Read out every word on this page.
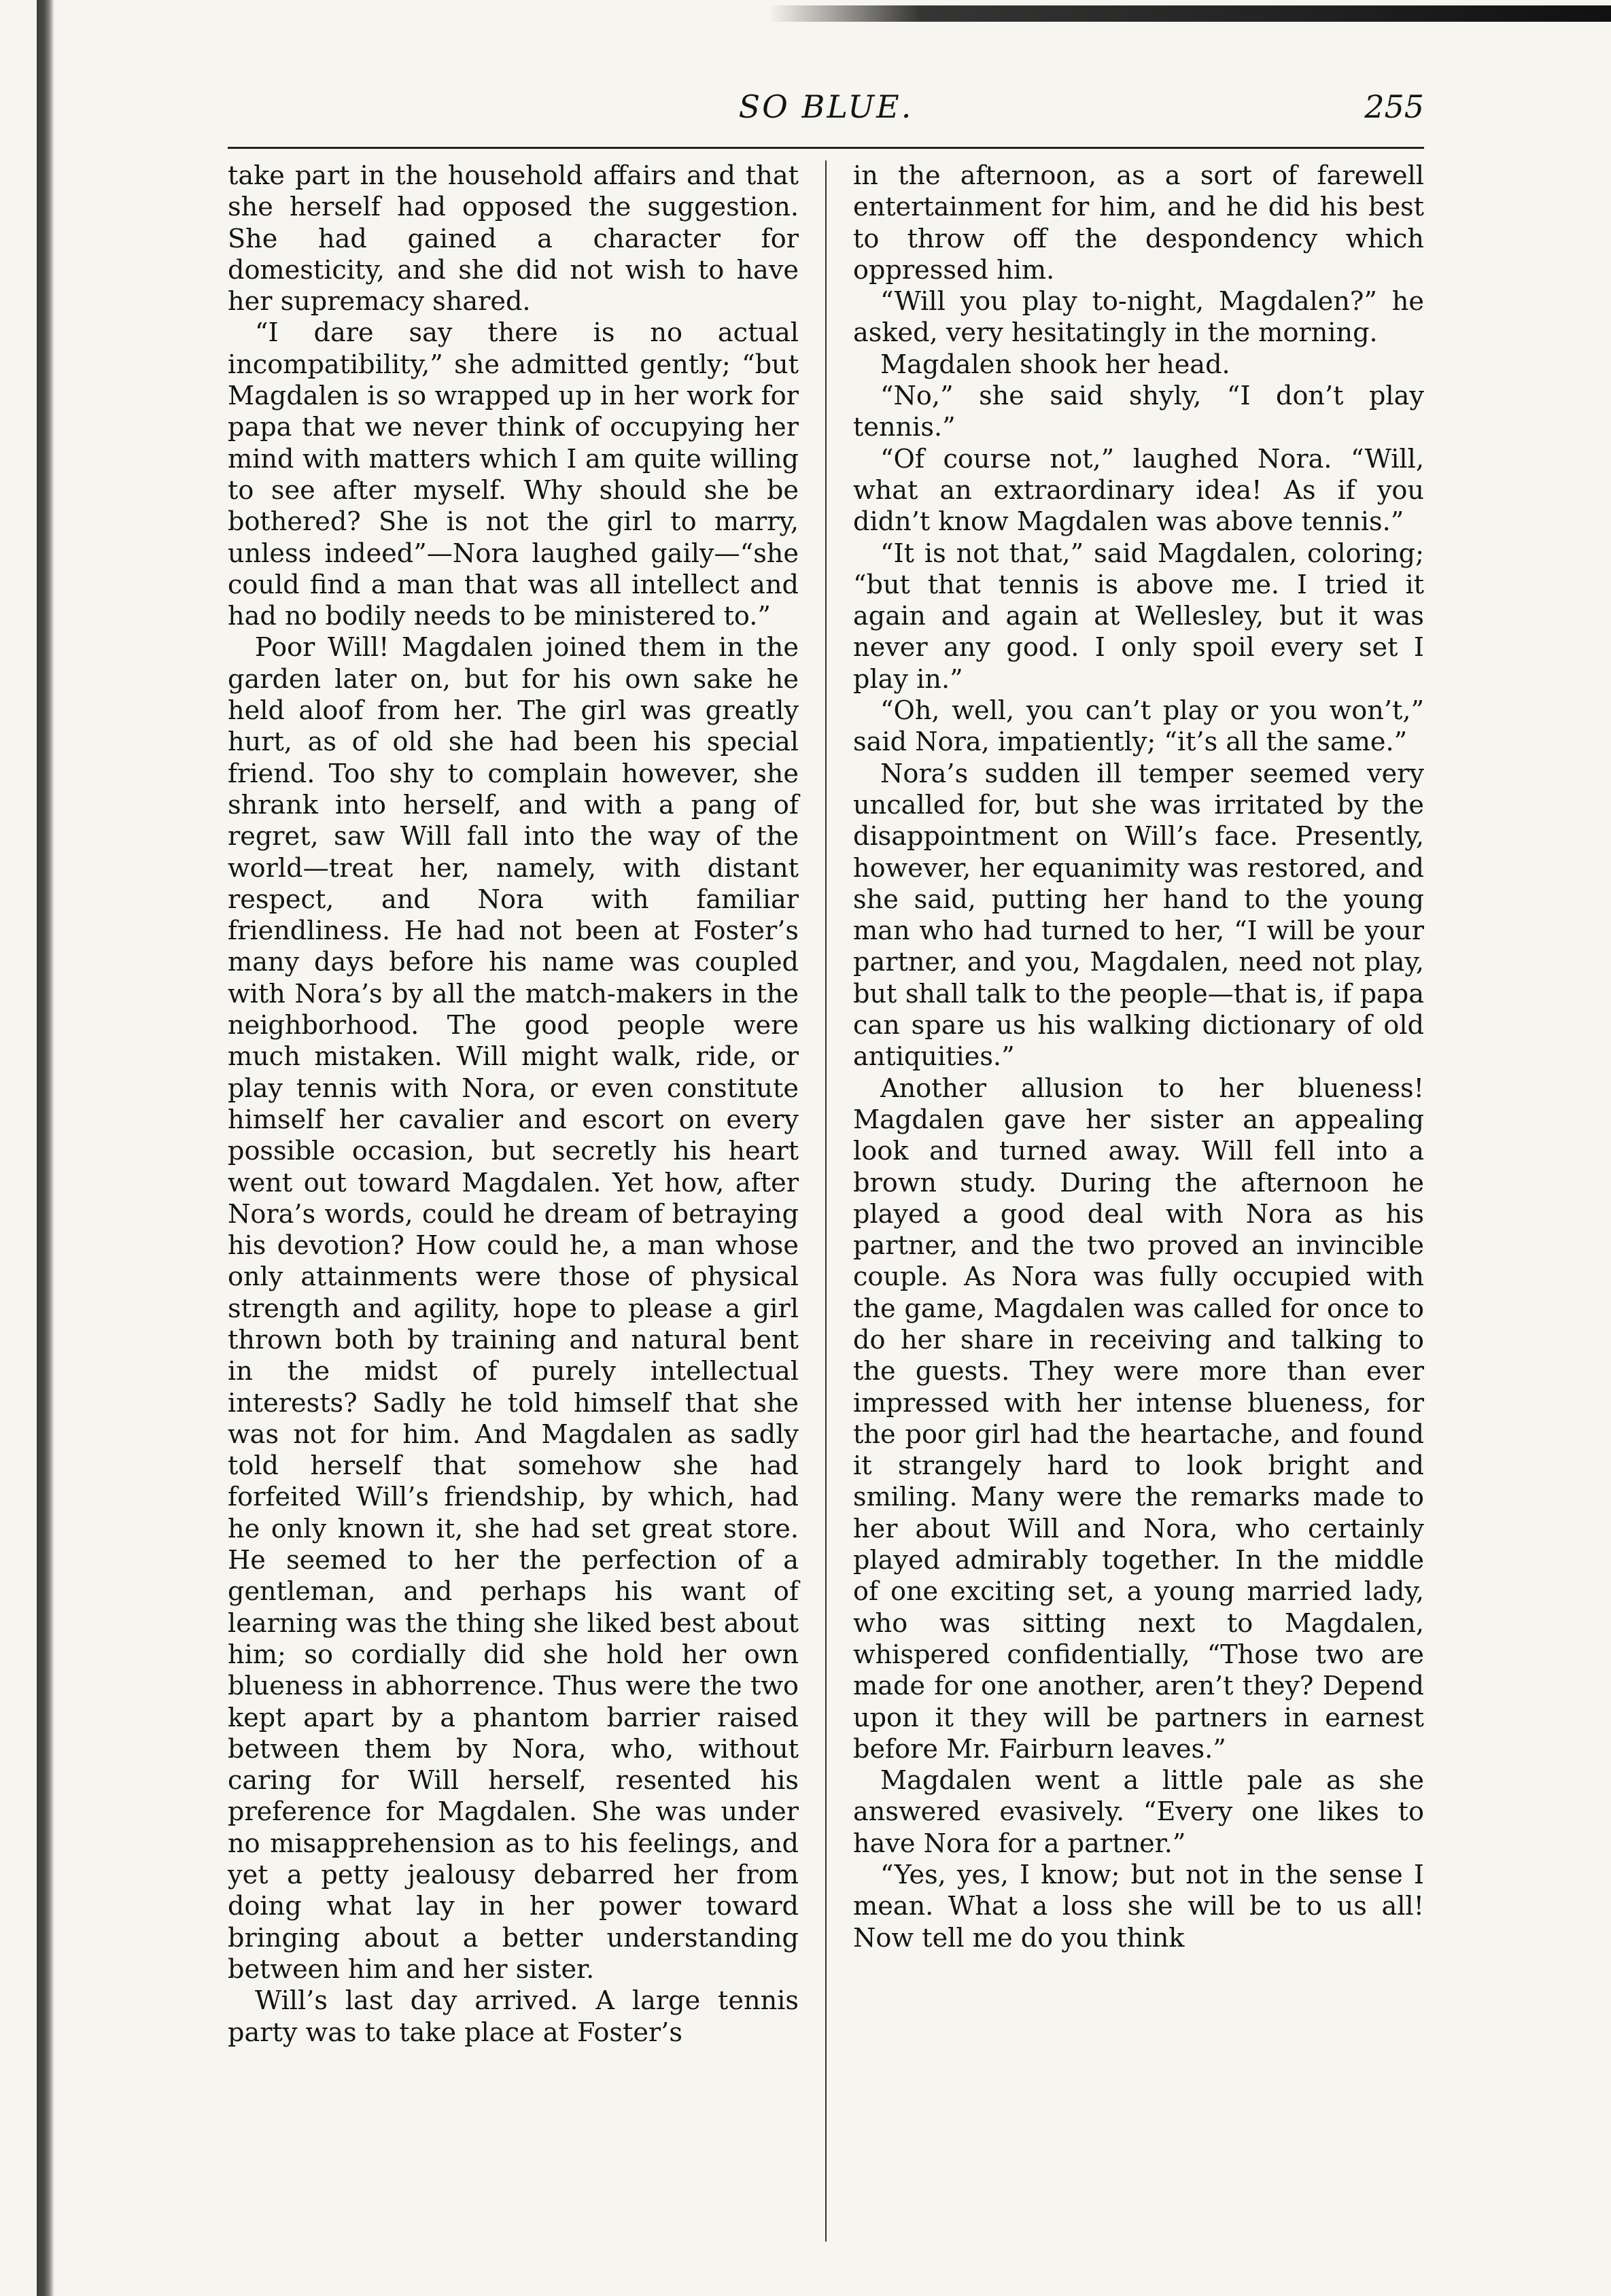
SO BLUE.	255

take part in the household affairs and that she herself had opposed the suggestion. She had gained a character for domesticity, and she did not wish to have her supremacy shared.

“I dare say there is no actual incompatibility,” she admitted gently; “but Magdalen is so wrapped up in her work for papa that we never think of occupying her mind with matters which I am quite willing to see after myself. Why should she be bothered? She is not the girl to marry, unless indeed”—Nora laughed gaily—“she could find a man that was all intellect and had no bodily needs to be ministered to.”

Poor Will! Magdalen joined them in the garden later on, but for his own sake he held aloof from her. The girl was greatly hurt, as of old she had been his special friend. Too shy to complain however, she shrank into herself, and with a pang of regret, saw Will fall into the way of the world—treat her, namely, with distant respect, and Nora with familiar friendliness. He had not been at Foster’s many days before his name was coupled with Nora’s by all the match-makers in the neighborhood. The good people were much mistaken. Will might walk, ride, or play tennis with Nora, or even constitute himself her cavalier and escort on every possible occasion, but secretly his heart went out toward Magdalen. Yet how, after Nora’s words, could he dream of betraying his devotion? How could he, a man whose only attainments were those of physical strength and agility, hope to please a girl thrown both by training and natural bent in the midst of purely intellectual interests? Sadly he told himself that she was not for him. And Magdalen as sadly told herself that somehow she had forfeited Will’s friendship, by which, had he only known it, she had set great store. He seemed to her the perfection of a gentleman, and perhaps his want of learning was the thing she liked best about him; so cordially did she hold her own blueness in abhorrence. Thus were the two kept apart by a phantom barrier raised between them by Nora, who, without caring for Will herself, resented his preference for Magdalen. She was under no misapprehension as to his feelings, and yet a petty jealousy debarred her from doing what lay in her power toward bringing about a better understanding between him and her sister.

Will’s last day arrived. A large tennis party was to take place at Foster’s

in the afternoon, as a sort of farewell entertainment for him, and he did his best to throw off the despondency which oppressed him.

“Will you play to-night, Magdalen?” he asked, very hesitatingly in the morning.

Magdalen shook her head.

“No,” she said shyly, “I don’t play tennis.”

“Of course not,” laughed Nora. “Will, what an extraordinary idea! As if you didn’t know Magdalen was above tennis.”

“It is not that,” said Magdalen, coloring; “but that tennis is above me. I tried it again and again at Wellesley, but it was never any good. I only spoil every set I play in.”

“Oh, well, you can’t play or you won’t,” said Nora, impatiently; “it’s all the same.”

Nora’s sudden ill temper seemed very uncalled for, but she was irritated by the disappointment on Will’s face. Presently, however, her equanimity was restored, and she said, putting her hand to the young man who had turned to her, “I will be your partner, and you, Magdalen, need not play, but shall talk to the people—that is, if papa can spare us his walking dictionary of old antiquities.”

Another allusion to her blueness! Magdalen gave her sister an appealing look and turned away. Will fell into a brown study. During the afternoon he played a good deal with Nora as his partner, and the two proved an invincible couple. As Nora was fully occupied with the game, Magdalen was called for once to do her share in receiving and talking to the guests. They were more than ever impressed with her intense blueness, for the poor girl had the heartache, and found it strangely hard to look bright and smiling. Many were the remarks made to her about Will and Nora, who certainly played admirably together. In the middle of one exciting set, a young married lady, who was sitting next to Magdalen, whispered confidentially, “Those two are made for one another, aren’t they? Depend upon it they will be partners in earnest before Mr. Fairburn leaves.”

Magdalen went a little pale as she answered evasively. “Every one likes to have Nora for a partner.”

“Yes, yes, I know; but not in the sense I mean. What a loss she will be to us all! Now tell me do you think
